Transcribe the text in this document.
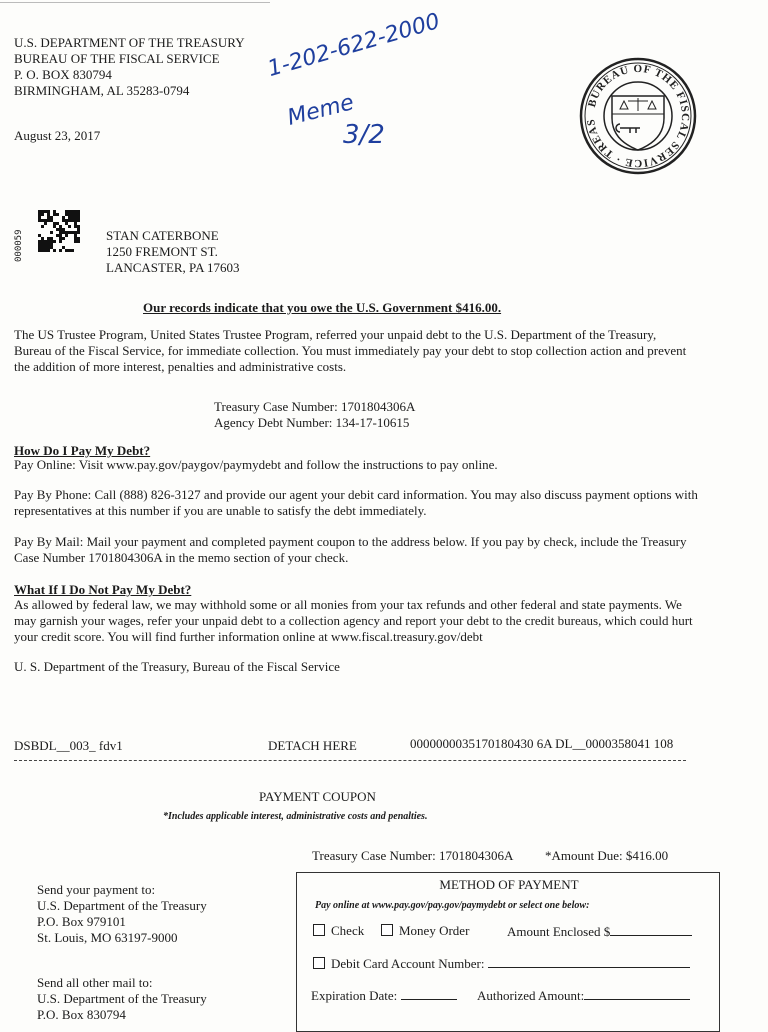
U.S. DEPARTMENT OF THE TREASURY
BUREAU OF THE FISCAL SERVICE
P. O. BOX 830794
BIRMINGHAM, AL 35283-0794
August 23, 2017
1-202-622-2000
Meme
3/2
BUREAU OF THE FISCAL SERVICE · TREAS
000059	STAN CATERBONE
1250 FREMONT ST.
LANCASTER, PA 17603
Our records indicate that you owe the U.S. Government $416.00.
The US Trustee Program, United States Trustee Program, referred your unpaid debt to the U.S. Department of the Treasury, Bureau of the Fiscal Service, for immediate collection. You must immediately pay your debt to stop collection action and prevent the addition of more interest, penalties and administrative costs.
Treasury Case Number: 1701804306A
Agency Debt Number: 134-17-10615
How Do I Pay My Debt?
Pay Online: Visit www.pay.gov/paygov/paymydebt and follow the instructions to pay online.
Pay By Phone: Call (888) 826-3127 and provide our agent your debit card information. You may also discuss payment options with representatives at this number if you are unable to satisfy the debt immediately.
Pay By Mail: Mail your payment and completed payment coupon to the address below. If you pay by check, include the Treasury Case Number 1701804306A in the memo section of your check.
What If I Do Not Pay My Debt?
As allowed by federal law, we may withhold some or all monies from your tax refunds and other federal and state payments. We may garnish your wages, refer your unpaid debt to a collection agency and report your debt to the credit bureaus, which could hurt your credit score. You will find further information online at www.fiscal.treasury.gov/debt
U. S. Department of the Treasury, Bureau of the Fiscal Service
DSBDL__003_ fdv1	DETACH HERE	0000000035170180430 6A DL__0000358041 108
PAYMENT COUPON
*Includes applicable interest, administrative costs and penalties.
Treasury Case Number: 1701804306A *Amount Due: $416.00
Send your payment to:
U.S. Department of the Treasury
P.O. Box 979101
St. Louis, MO 63197-9000
Send all other mail to:
U.S. Department of the Treasury
P.O. Box 830794
METHOD OF PAYMENT
Pay online at www.pay.gov/pay.gov/paymydebt or select one below:
Check	Money Order	Amount Enclosed $
Debit Card Account Number:
Expiration Date:	Authorized Amount:
